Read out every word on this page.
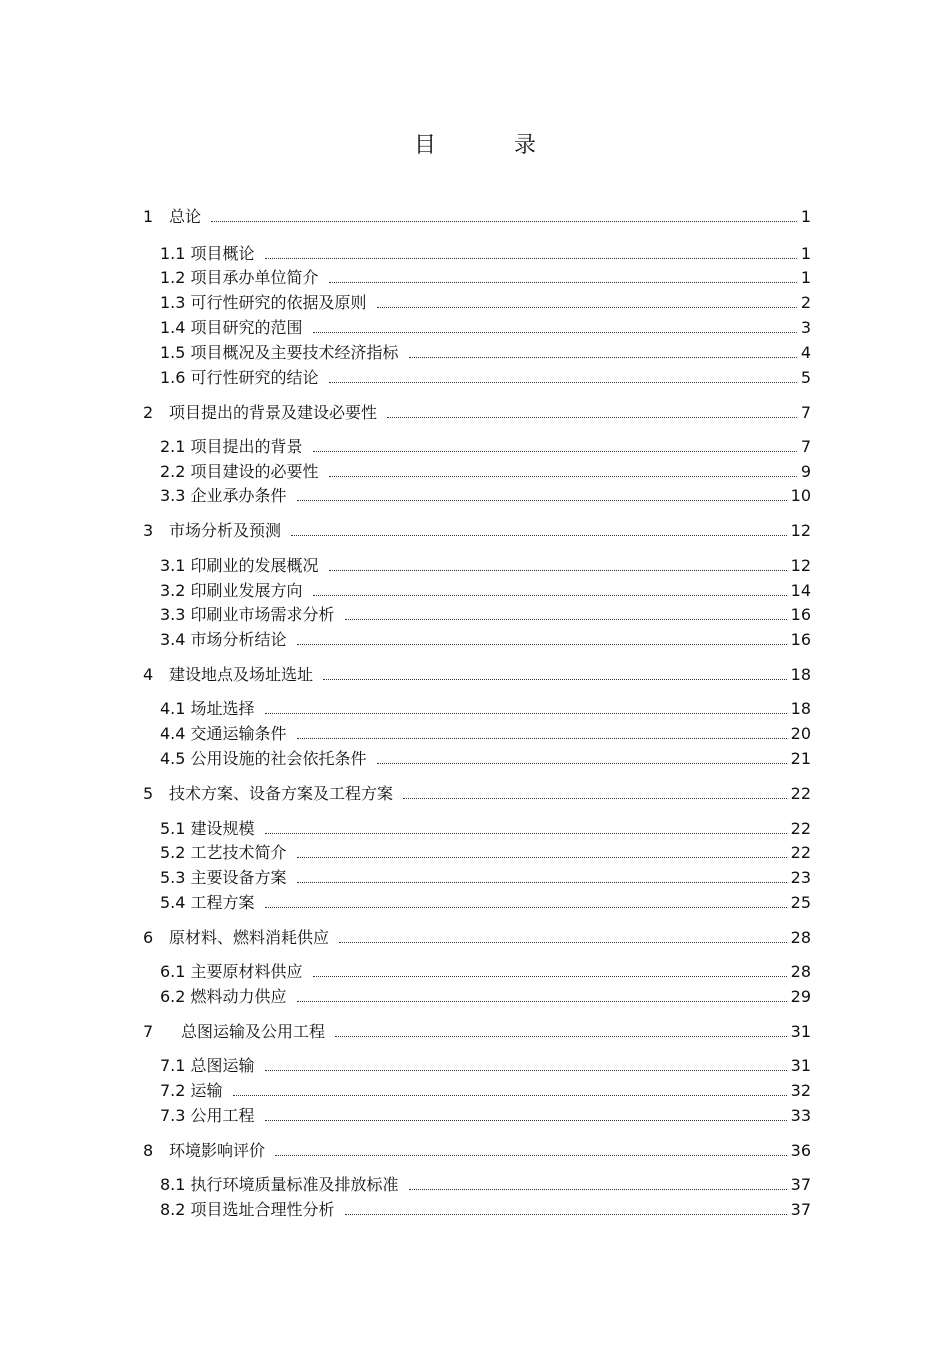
目　录
1 总论	1
1.1 项目概论	1
1.2 项目承办单位简介	1
1.3 可行性研究的依据及原则	2
1.4 项目研究的范围	3
1.5 项目概况及主要技术经济指标	4
1.6 可行性研究的结论	5
2 项目提出的背景及建设必要性	7
2.1 项目提出的背景	7
2.2 项目建设的必要性	9
3.3 企业承办条件	10
3 市场分析及预测	12
3.1 印刷业的发展概况	12
3.2 印刷业发展方向	14
3.3 印刷业市场需求分析	16
3.4 市场分析结论	16
4 建设地点及场址选址	18
4.1 场址选择	18
4.4 交通运输条件	20
4.5 公用设施的社会依托条件	21
5 技术方案、设备方案及工程方案	22
5.1 建设规模	22
5.2 工艺技术简介	22
5.3 主要设备方案	23
5.4 工程方案	25
6 原材料、燃料消耗供应	28
6.1 主要原材料供应	28
6.2 燃料动力供应	29
7 总图运输及公用工程	31
7.1 总图运输	31
7.2 运输	32
7.3 公用工程	33
8 环境影响评价	36
8.1 执行环境质量标准及排放标准	37
8.2 项目选址合理性分析	37
